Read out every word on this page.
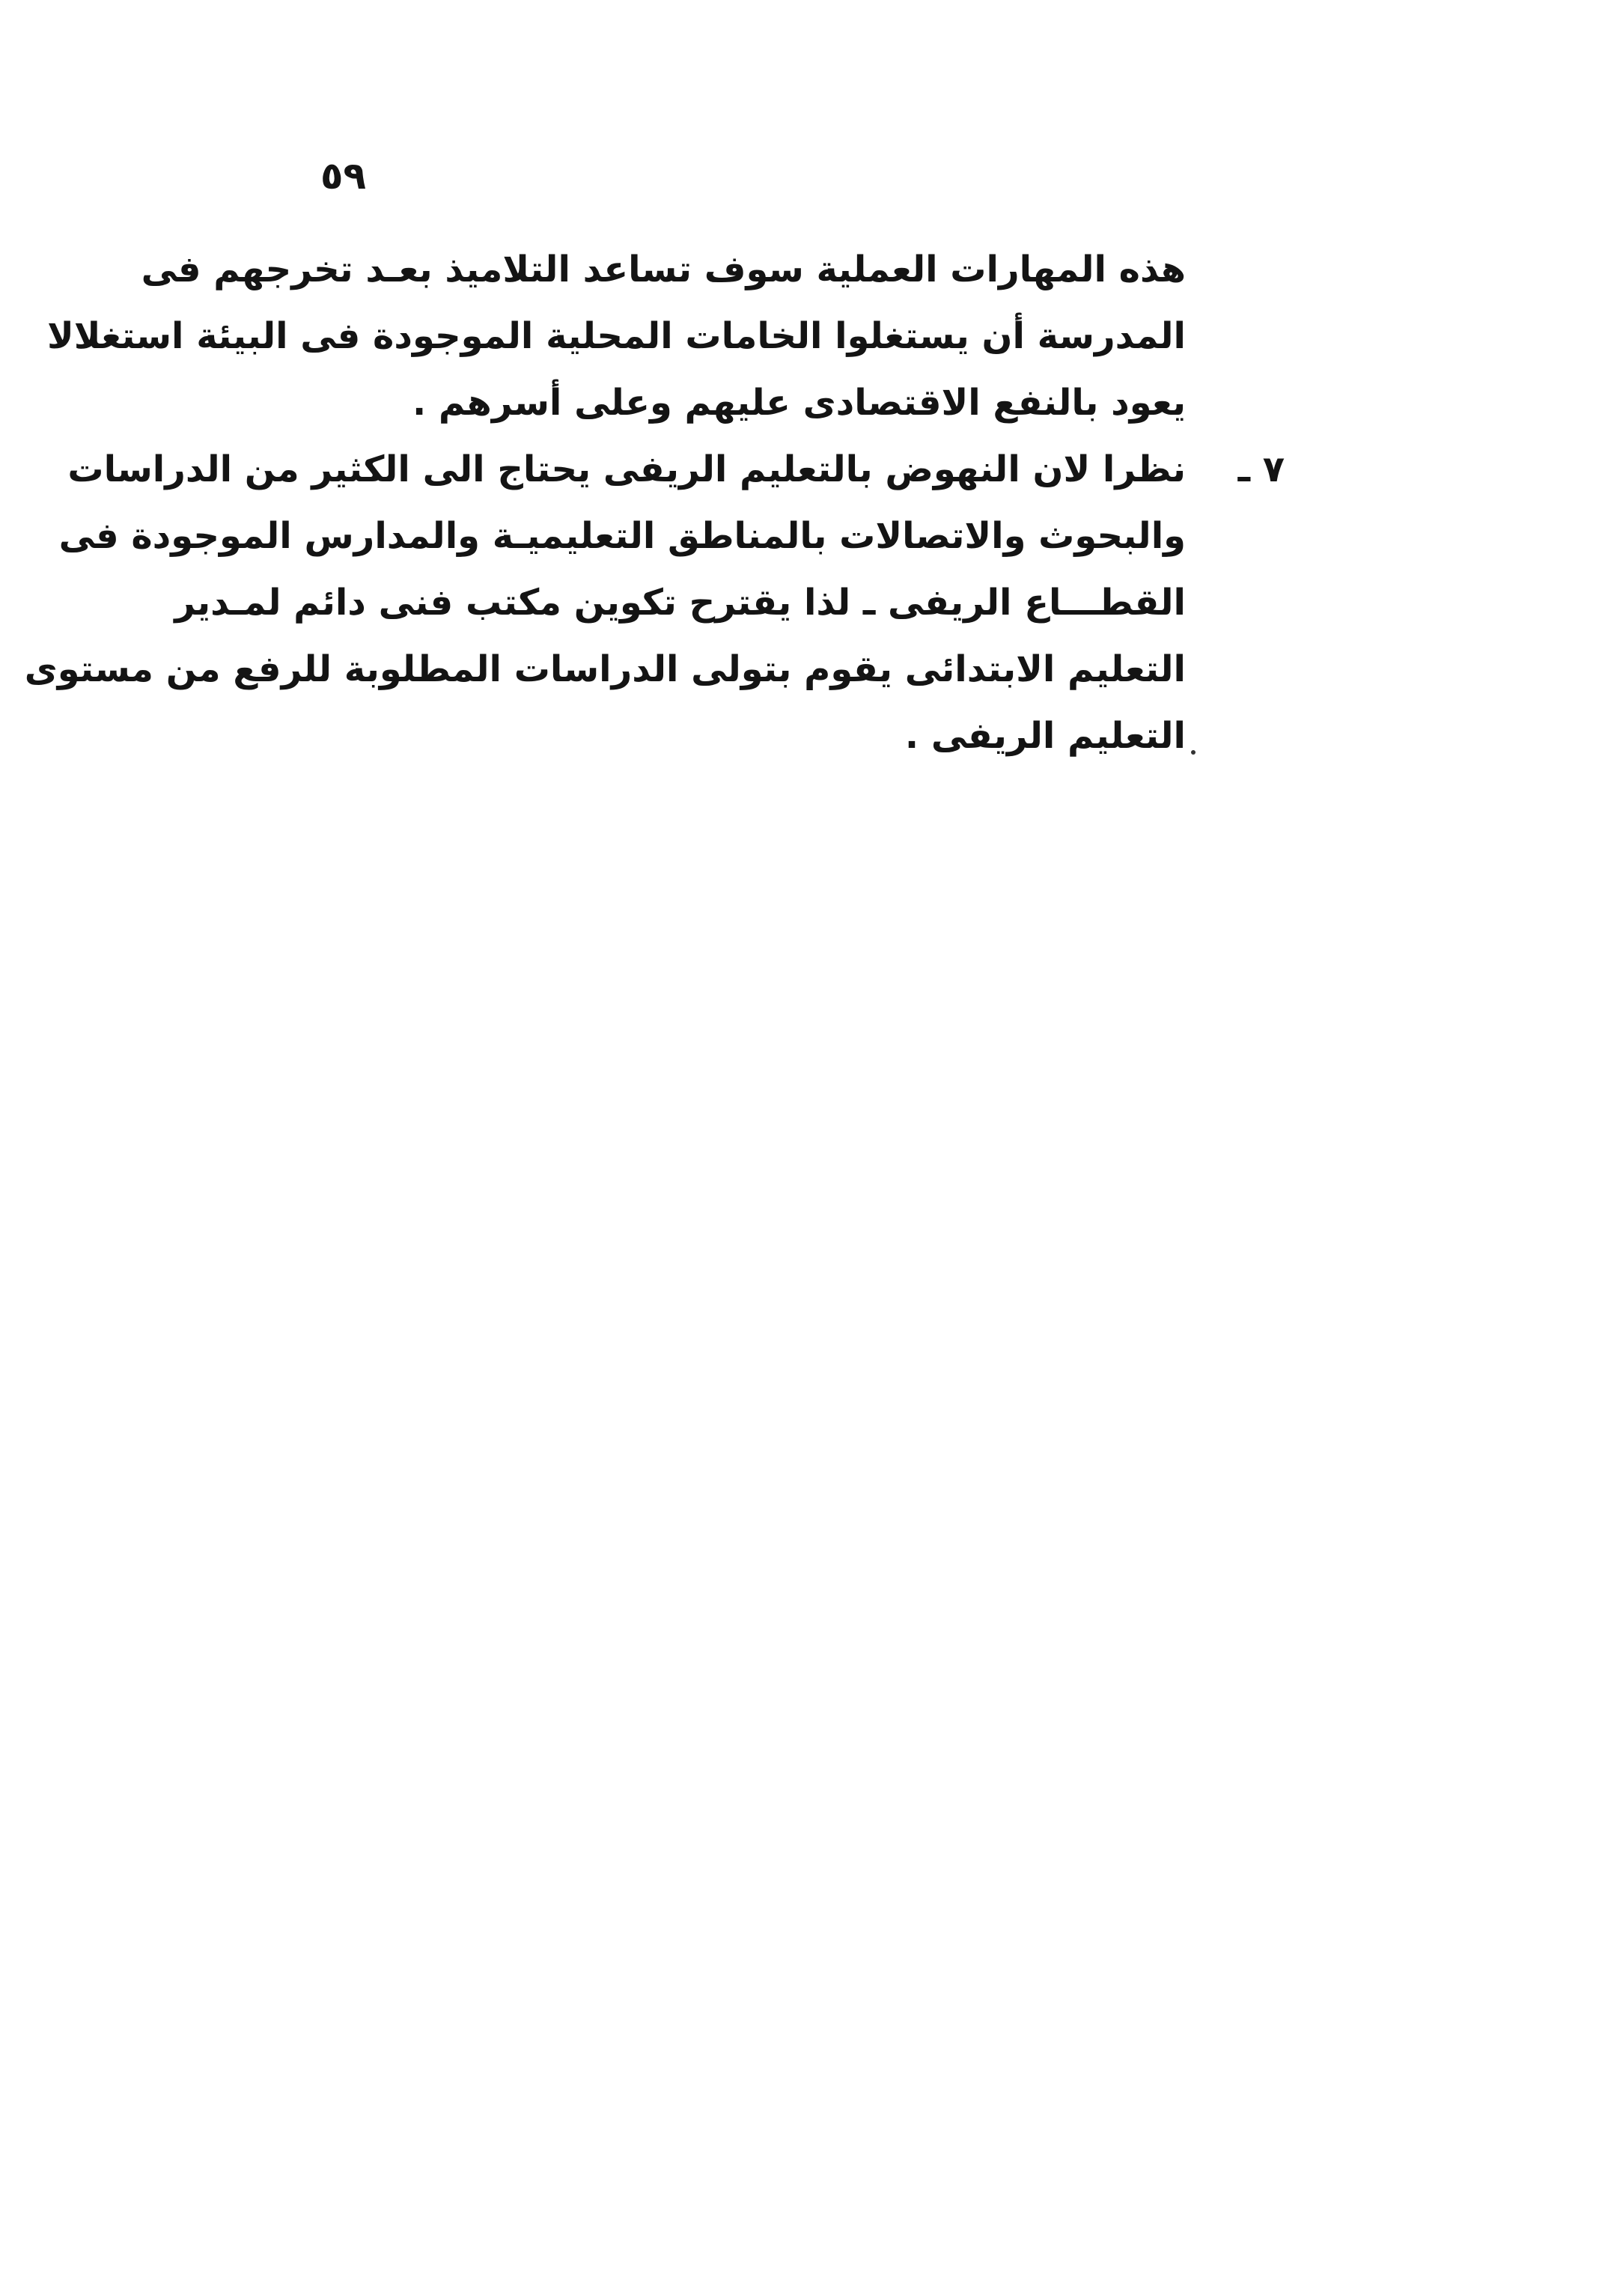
٥٩
هذه المهارات العملية سوف تساعد التلاميذ بعـد تخرجهم فى
المدرسة أن يستغلوا الخامات المحلية الموجودة فى البيئة استغلالا
يعود بالنفع الاقتصادى عليهم وعلى أسرهم .
٧ ـ
نظرا لان النهوض بالتعليم الريفى يحتاج الى الكثير من الدراسات
والبحوث والاتصالات بالمناطق التعليميـة والمدارس الموجودة فى
القطـــاع الريفى ـ لذا يقترح تكوين مكتب فنى دائم لمـدير
التعليم الابتدائى يقوم بتولى الدراسات المطلوبة للرفع من مستوى
التعليم الريفى .
